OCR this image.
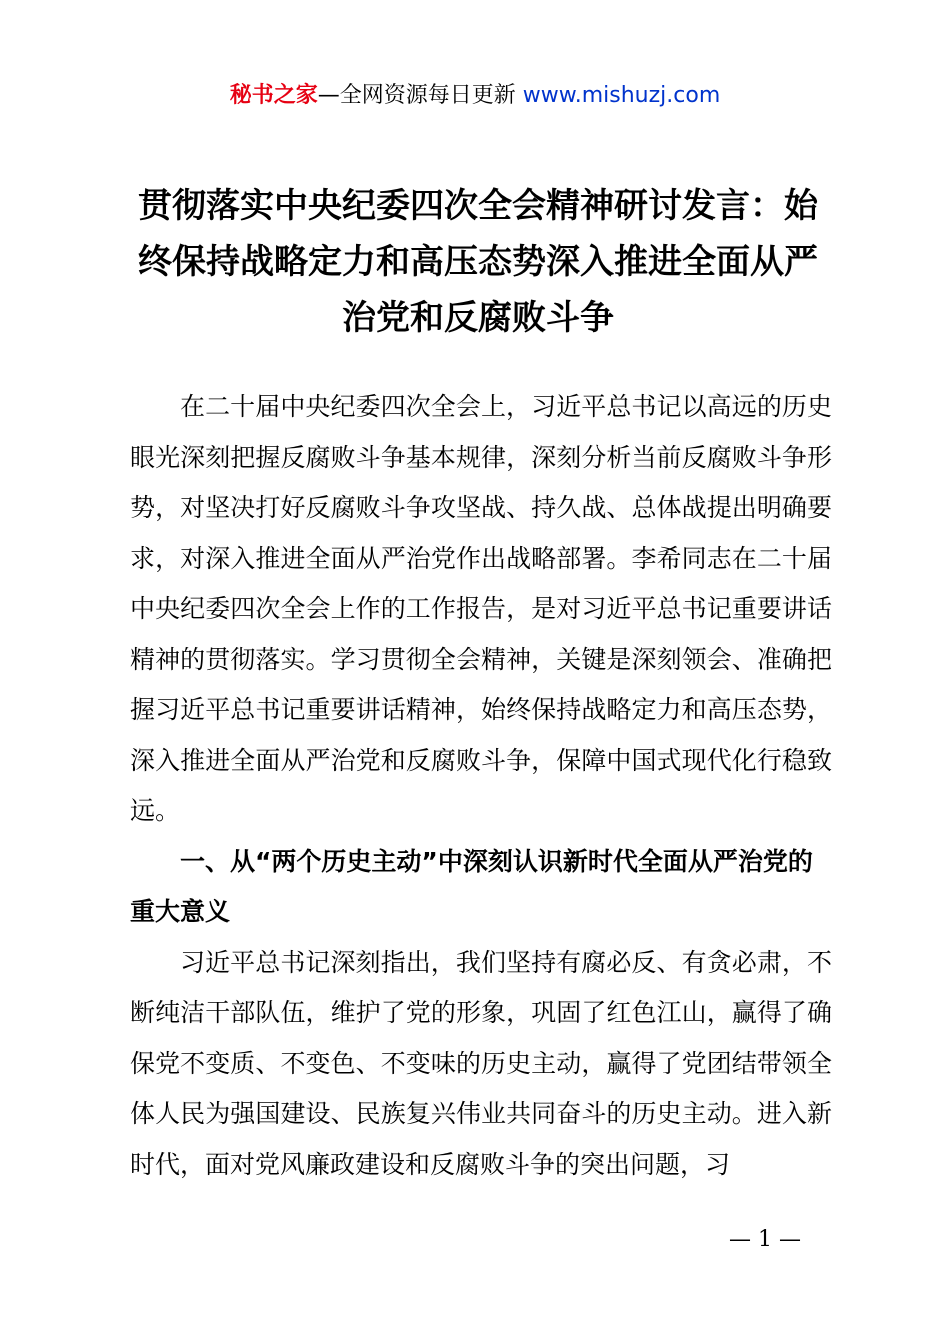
秘书之家—全网资源每日更新 www.mishuzj.com
贯彻落实中央纪委四次全会精神研讨发言：始终保持战略定力和高压态势深入推进全面从严治党和反腐败斗争

在二十届中央纪委四次全会上，习近平总书记以高远的历史眼光深刻把握反腐败斗争基本规律，深刻分析当前反腐败斗争形势，对坚决打好反腐败斗争攻坚战、持久战、总体战提出明确要求，对深入推进全面从严治党作出战略部署。李希同志在二十届中央纪委四次全会上作的工作报告，是对习近平总书记重要讲话精神的贯彻落实。学习贯彻全会精神，关键是深刻领会、准确把握习近平总书记重要讲话精神，始终保持战略定力和高压态势，深入推进全面从严治党和反腐败斗争，保障中国式现代化行稳致远。

一、从“两个历史主动”中深刻认识新时代全面从严治党的重大意义

习近平总书记深刻指出，我们坚持有腐必反、有贪必肃，不断纯洁干部队伍，维护了党的形象，巩固了红色江山，赢得了确保党不变质、不变色、不变味的历史主动，赢得了党团结带领全体人民为强国建设、民族复兴伟业共同奋斗的历史主动。进入新时代，面对党风廉政建设和反腐败斗争的突出问题，习

— 1 —
